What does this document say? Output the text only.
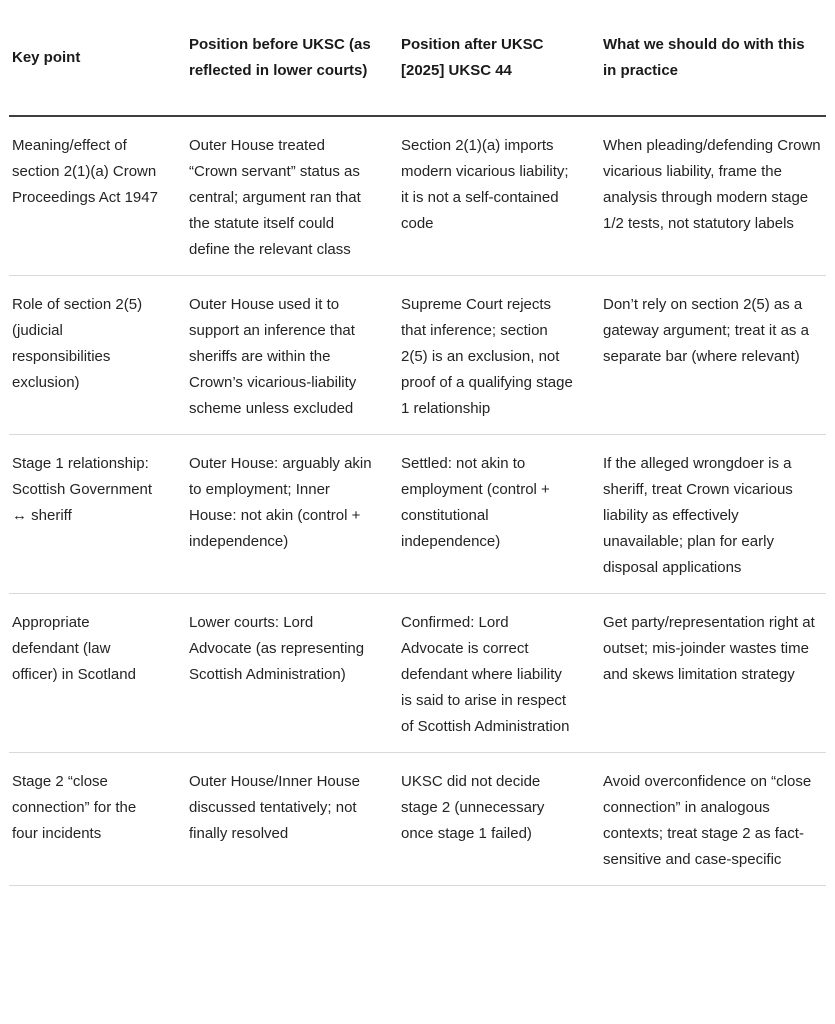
Key point
Position before UKSC (as reflected in lower courts)
Position after UKSC [2025] UKSC 44
What we should do with this in practice
Meaning/effect of section 2(1)(a) Crown Proceedings Act 1947
Outer House treated “Crown servant” status as central; argument ran that the statute itself could define the relevant class
Section 2(1)(a) imports modern vicarious liability; it is not a self-contained code
When pleading/defending Crown vicarious liability, frame the analysis through modern stage 1/2 tests, not statutory labels
Role of section 2(5) (judicial responsibilities exclusion)
Outer House used it to support an inference that sheriffs are within the Crown’s vicarious-liability scheme unless excluded
Supreme Court rejects that inference; section 2(5) is an exclusion, not proof of a qualifying stage 1 relationship
Don’t rely on section 2(5) as a gateway argument; treat it as a separate bar (where relevant)
Stage 1 relationship: Scottish Government ↔ sheriff
Outer House: arguably akin to employment; Inner House: not akin (control + independence)
Settled: not akin to employment (control + constitutional independence)
If the alleged wrongdoer is a sheriff, treat Crown vicarious liability as effectively unavailable; plan for early disposal applications
Appropriate defendant (law officer) in Scotland
Lower courts: Lord Advocate (as representing Scottish Administration)
Confirmed: Lord Advocate is correct defendant where liability is said to arise in respect of Scottish Administration
Get party/representation right at outset; mis-joinder wastes time and skews limitation strategy
Stage 2 “close connection” for the four incidents
Outer House/Inner House discussed tentatively; not finally resolved
UKSC did not decide stage 2 (unnecessary once stage 1 failed)
Avoid overconfidence on “close connection” in analogous contexts; treat stage 2 as fact-sensitive and case-specific
